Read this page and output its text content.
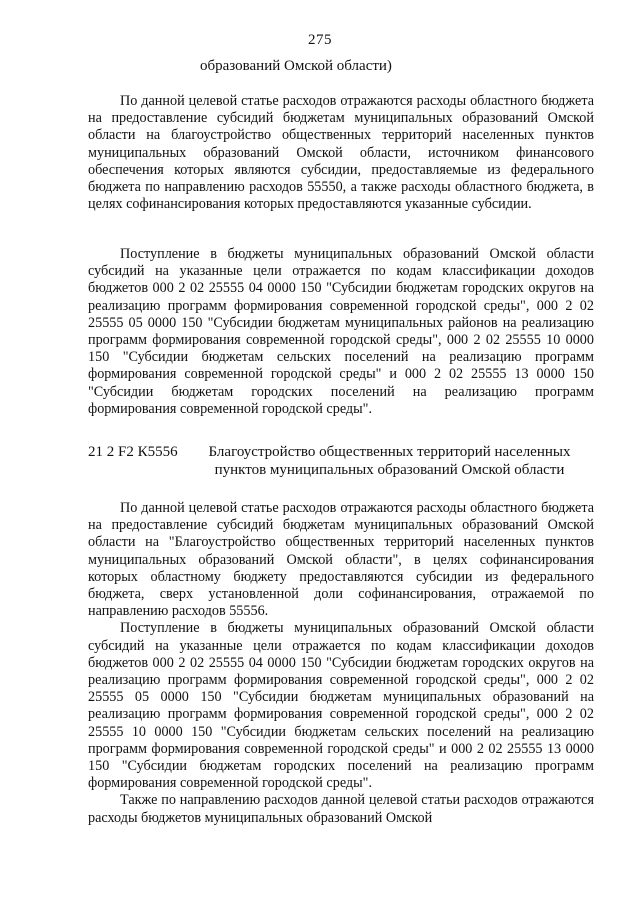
275
образований Омской области)

По данной целевой статье расходов отражаются расходы областного бюджета на предоставление субсидий бюджетам муниципальных образований Омской области на благоустройство общественных территорий населенных пунктов муниципальных образований Омской области, источником финансового обеспечения которых являются субсидии, предоставляемые из федерального бюджета по направлению расходов 55550, а также расходы областного бюджета, в целях софинансирования которых предоставляются указанные субсидии.

Поступление в бюджеты муниципальных образований Омской области субсидий на указанные цели отражается по кодам классификации доходов бюджетов 000 2 02 25555 04 0000 150 "Субсидии бюджетам городских округов на реализацию программ формирования современной городской среды", 000 2 02 25555 05 0000 150 "Субсидии бюджетам муниципальных районов на реализацию программ формирования современной городской среды", 000 2 02 25555 10 0000 150 "Субсидии бюджетам сельских поселений на реализацию программ формирования современной городской среды" и 000 2 02 25555 13 0000 150 "Субсидии бюджетам городских поселений на реализацию программ формирования современной городской среды".

21 2 F2 К5556	Благоустройство общественных территорий населенных пунктов муниципальных образований Омской области

По данной целевой статье расходов отражаются расходы областного бюджета на предоставление субсидий бюджетам муниципальных образований Омской области на "Благоустройство общественных территорий населенных пунктов муниципальных образований Омской области", в целях софинансирования которых областному бюджету предоставляются субсидии из федерального бюджета, сверх установленной доли софинансирования, отражаемой по направлению расходов 55556.

Поступление в бюджеты муниципальных образований Омской области субсидий на указанные цели отражается по кодам классификации доходов бюджетов 000 2 02 25555 04 0000 150 "Субсидии бюджетам городских округов на реализацию программ формирования современной городской среды", 000 2 02 25555 05 0000 150 "Субсидии бюджетам муниципальных образований на реализацию программ формирования современной городской среды", 000 2 02 25555 10 0000 150 "Субсидии бюджетам сельских поселений на реализацию программ формирования современной городской среды" и 000 2 02 25555 13 0000 150 "Субсидии бюджетам городских поселений на реализацию программ формирования современной городской среды".

Также по направлению расходов данной целевой статьи расходов отражаются расходы бюджетов муниципальных образований Омской
